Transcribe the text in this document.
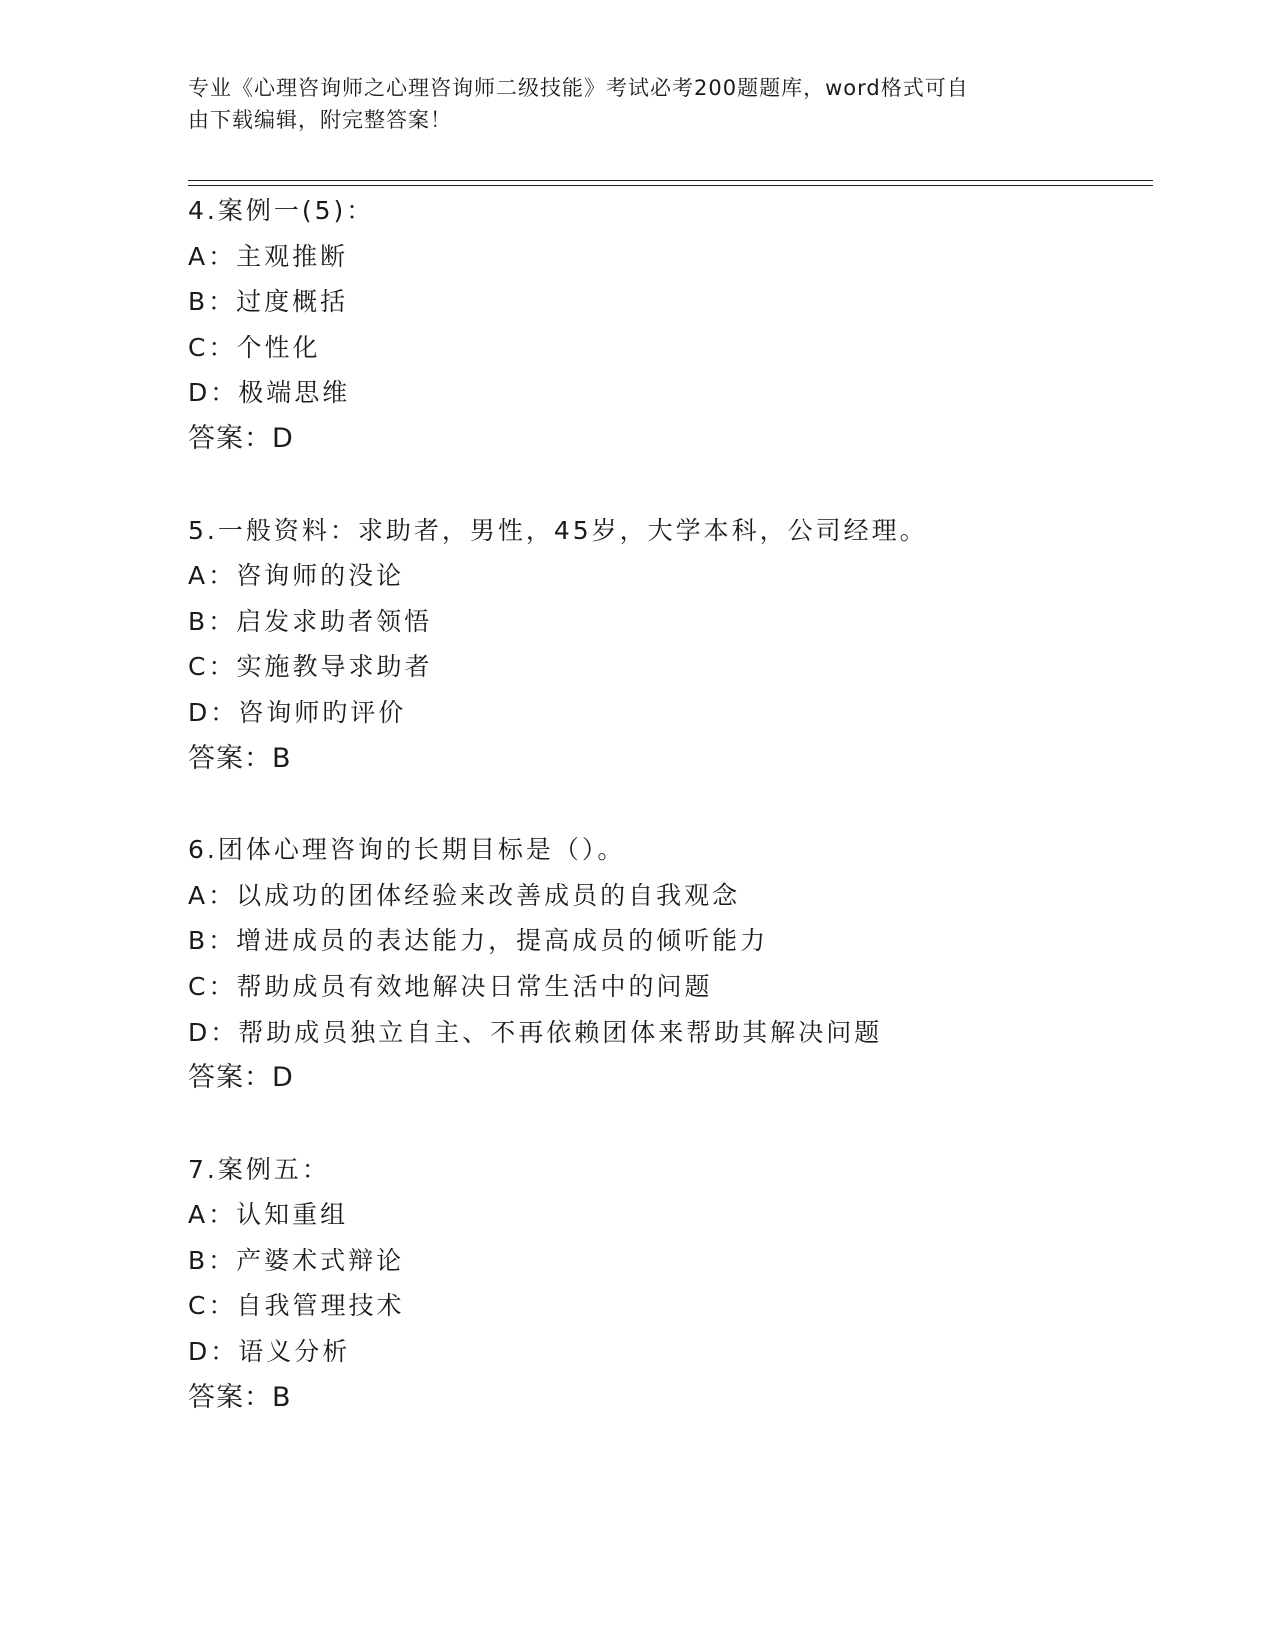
专业《心理咨询师之心理咨询师二级技能》考试必考200题题库，word格式可自
由下载编辑，附完整答案！
4.案例一(5)：
A：主观推断
B：过度概括
C：个性化
D：极端思维
答案：D
5.一般资料：求助者，男性，45岁，大学本科，公司经理。
A：咨询师的没论
B：启发求助者领悟
C：实施教导求助者
D：咨询师旳评价
答案：B
6.团体心理咨询的长期目标是（）。
A：以成功的团体经验来改善成员的自我观念
B：增进成员的表达能力，提高成员的倾听能力
C：帮助成员有效地解决日常生活中的问题
D：帮助成员独立自主、不再依赖团体来帮助其解决问题
答案：D
7.案例五：
A：认知重组
B：产婆术式辩论
C：自我管理技术
D：语义分析
答案：B
